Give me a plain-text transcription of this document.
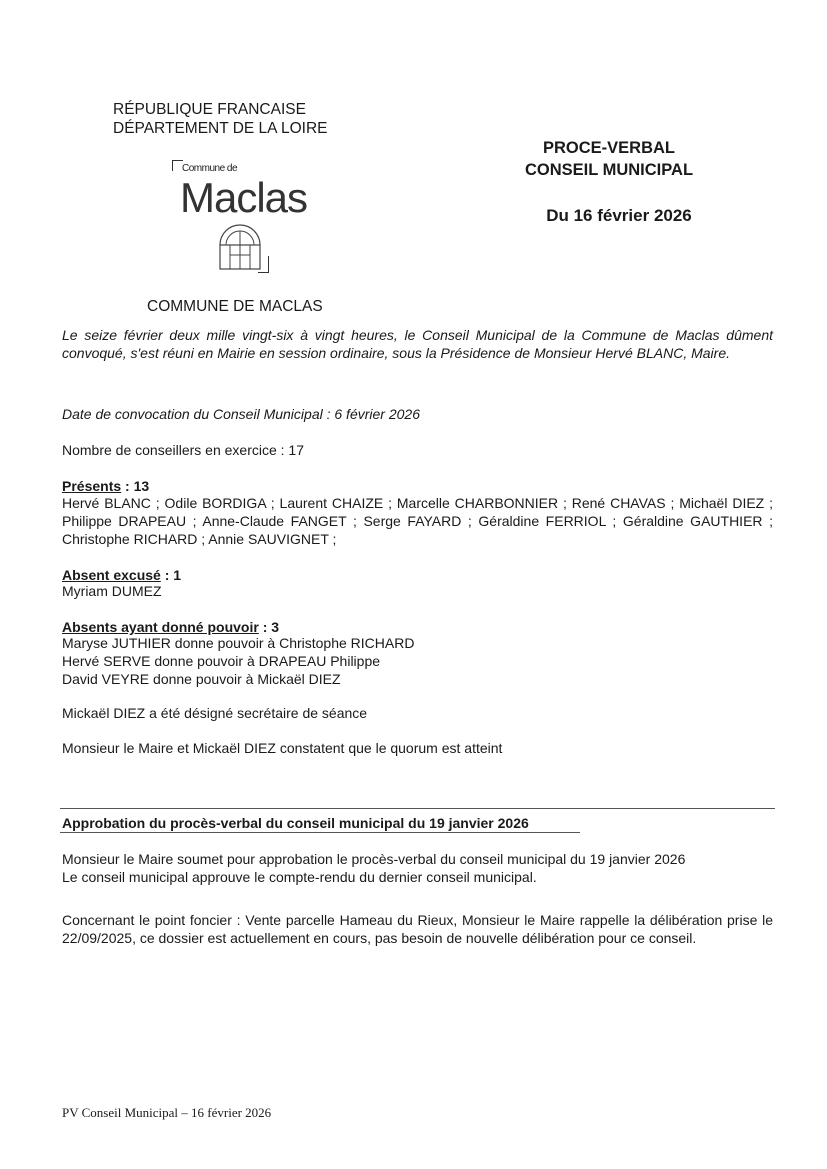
RÉPUBLIQUE FRANCAISE
DÉPARTEMENT DE LA LOIRE
Commune de
Maclas
COMMUNE DE MACLAS
PROCE-VERBAL
CONSEIL MUNICIPAL
Du 16 février 2026
Le seize février deux mille vingt-six à vingt heures, le Conseil Municipal de la Commune de Maclas dûment convoqué, s'est réuni en Mairie en session ordinaire, sous la Présidence de Monsieur Hervé BLANC, Maire.
Date de convocation du Conseil Municipal : 6 février 2026
Nombre de conseillers en exercice : 17
Présents : 13
Hervé BLANC ; Odile BORDIGA ; Laurent CHAIZE ; Marcelle CHARBONNIER ; René CHAVAS ; Michaël DIEZ ; Philippe DRAPEAU ; Anne-Claude FANGET ; Serge FAYARD ; Géraldine FERRIOL ; Géraldine GAUTHIER ; Christophe RICHARD ; Annie SAUVIGNET ;
Absent excusé : 1
Myriam DUMEZ
Absents ayant donné pouvoir : 3
Maryse JUTHIER donne pouvoir à Christophe RICHARD
Hervé SERVE donne pouvoir à DRAPEAU Philippe
David VEYRE donne pouvoir à Mickaël DIEZ
Mickaël DIEZ a été désigné secrétaire de séance
Monsieur le Maire et Mickaël DIEZ constatent que le quorum est atteint
Approbation du procès-verbal du conseil municipal du 19 janvier 2026
Monsieur le Maire soumet pour approbation le procès-verbal du conseil municipal du 19 janvier 2026
Le conseil municipal approuve le compte-rendu du dernier conseil municipal.
Concernant le point foncier : Vente parcelle Hameau du Rieux, Monsieur le Maire rappelle la délibération prise le 22/09/2025, ce dossier est actuellement en cours, pas besoin de nouvelle délibération pour ce conseil.
PV Conseil Municipal – 16 février 2026
